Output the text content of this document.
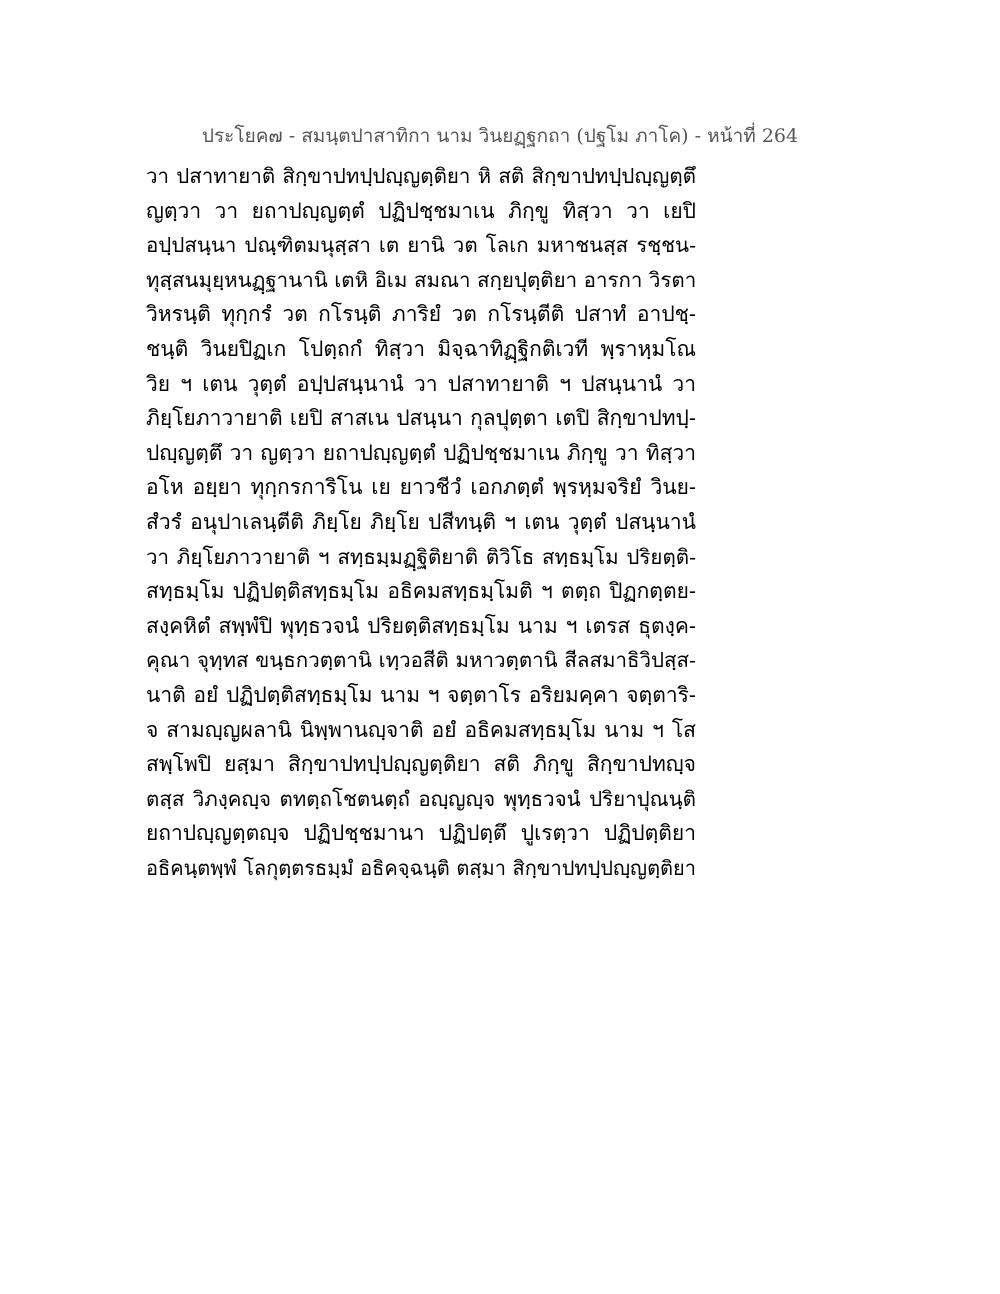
ประโยค๗ - สมนฺตปาสาทิกา นาม วินยฏฺฐกถา (ปฐโม ภาโค) - หน้าที่ 264
วา ปสาทายาติ สิกฺขาปทปฺปญฺญตฺติยา หิ สติ สิกฺขาปทปฺปญฺญตฺตึ
ญตฺวา วา ยถาปญฺญตฺตํ ปฏิปชฺชมาเน ภิกฺขู ทิสฺวา วา เยปิ
อปฺปสนฺนา ปณฺฑิตมนุสฺสา เต ยานิ วต โลเก มหาชนสฺส รชฺชน-
ทุสฺสนมุยฺหนฏฺฐานานิ เตหิ อิเม สมณา สกฺยปุตฺติยา อารกา วิรตา
วิหรนฺติ ทุกฺกรํ วต กโรนฺติ ภาริยํ วต กโรนฺตีติ ปสาทํ อาปชฺ-
ชนฺติ วินยปิฏเก โปตฺถกํ ทิสฺวา มิจฺฉาทิฏฺฐิกติเวที พฺราหฺมโณ
วิย ฯ เตน วุตฺตํ อปฺปสนฺนานํ วา ปสาทายาติ ฯ ปสนฺนานํ วา
ภิยฺโยภาวายาติ เยปิ สาสเน ปสนฺนา กุลปุตฺตา เตปิ สิกฺขาปทปฺ-
ปญฺญตฺตึ วา ญตฺวา ยถาปญฺญตฺตํ ปฏิปชฺชมาเน ภิกฺขู วา ทิสฺวา
อโห อยฺยา ทุกฺกรการิโน เย ยาวชีวํ เอกภตฺตํ พฺรหฺมจริยํ วินย-
สํวรํ อนุปาเลนฺตีติ ภิยฺโย ภิยฺโย ปสีทนฺติ ฯ เตน วุตฺตํ ปสนฺนานํ
วา ภิยฺโยภาวายาติ ฯ สทฺธมฺมฏฺฐิติยาติ ติวิโธ สทฺธมฺโม ปริยตฺติ-
สทฺธมฺโม ปฏิปตฺติสทฺธมฺโม อธิคมสทฺธมฺโมติ ฯ ตตฺถ ปิฏกตฺตย-
สงฺคหิตํ สพฺพํปิ พุทฺธวจนํ ปริยตฺติสทฺธมฺโม นาม ฯ เตรส ธุตงฺค-
คุณา จุทฺทส ขนฺธกวตฺตานิ เทฺวอสีติ มหาวตฺตานิ สีลสมาธิวิปสฺส-
นาติ อยํ ปฏิปตฺติสทฺธมฺโม นาม ฯ จตฺตาโร อริยมคฺคา จตฺตาริ-
จ สามญฺญผลานิ นิพฺพานญฺจาติ อยํ อธิคมสทฺธมฺโม นาม ฯ โส
สพฺโพปิ ยสฺมา สิกฺขาปทปฺปญฺญตฺติยา สติ ภิกฺขู สิกฺขาปทญฺจ
ตสฺส วิภงฺคญฺจ ตทตฺถโชตนตฺถํ อญฺญญฺจ พุทฺธวจนํ ปริยาปุณนฺติ
ยถาปญฺญตฺตญฺจ ปฏิปชฺชมานา ปฏิปตฺตึ ปูเรตฺวา ปฏิปตฺติยา
อธิคนฺตพฺพํ โลกุตฺตรธมฺมํ อธิคจฺฉนฺติ ตสฺมา สิกฺขาปทปฺปญฺญตฺติยา
